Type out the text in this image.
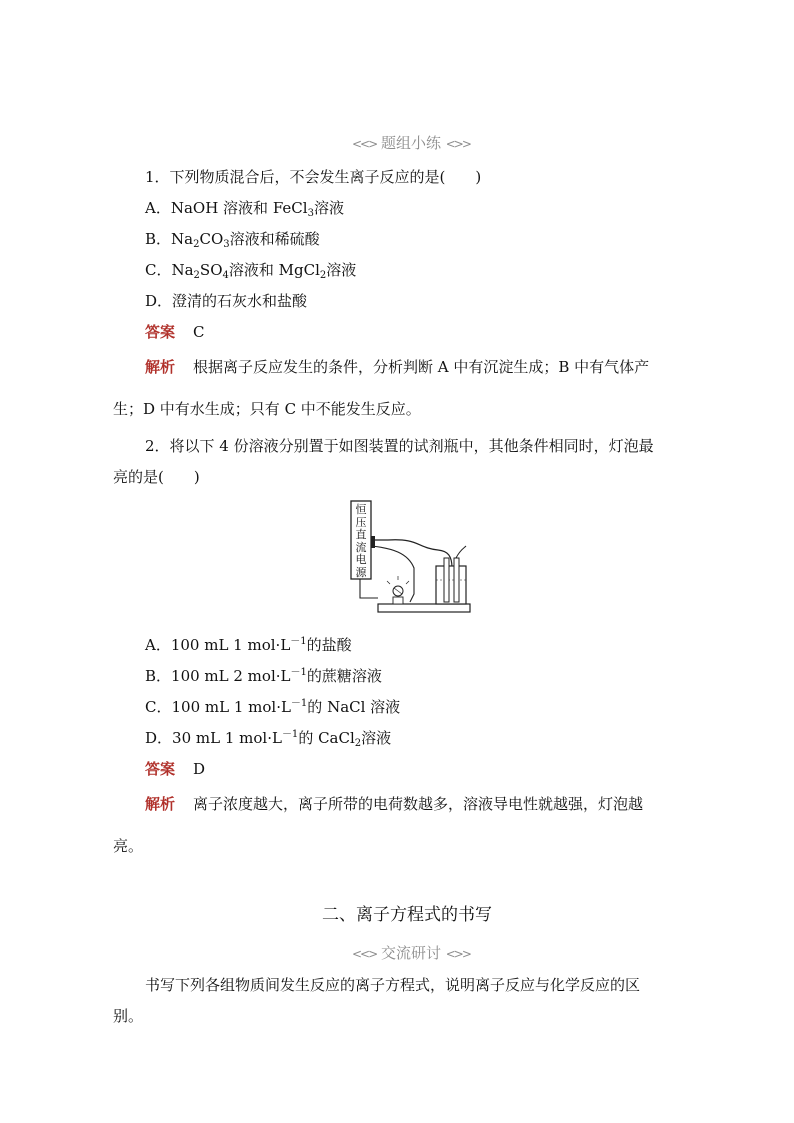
<<> 题组小练 <>>
1．下列物质混合后，不会发生离子反应的是(　　)
A．NaOH 溶液和 FeCl$_3$溶液
B．$Na_2CO_3$溶液和稀硫酸
C．$Na_2SO_4$溶液和 MgCl$_2$溶液
D．澄清的石灰水和盐酸
答案 C
解析 根据离子反应发生的条件，分析判断 A 中有沉淀生成；B 中有气体产
生；D 中有水生成；只有 C 中不能发生反应。
2．将以下 4 份溶液分别置于如图装置的试剂瓶中，其他条件相同时，灯泡最
亮的是(　　)
恒压直流电源
A．100 mL 1 $mol\cdot L^{-1}$的盐酸
B．100 mL 2 $mol\cdot L^{-1}$的蔗糖溶液
C．100 mL 1 $mol\cdot L^{-1}$的 NaCl 溶液
D．30 mL 1 $mol\cdot L^{-1}$的 CaCl$_2$溶液
答案 D
解析 离子浓度越大，离子所带的电荷数越多，溶液导电性就越强，灯泡越
亮。
二、离子方程式的书写
<<> 交流研讨 <>>
书写下列各组物质间发生反应的离子方程式，说明离子反应与化学反应的区
别。
